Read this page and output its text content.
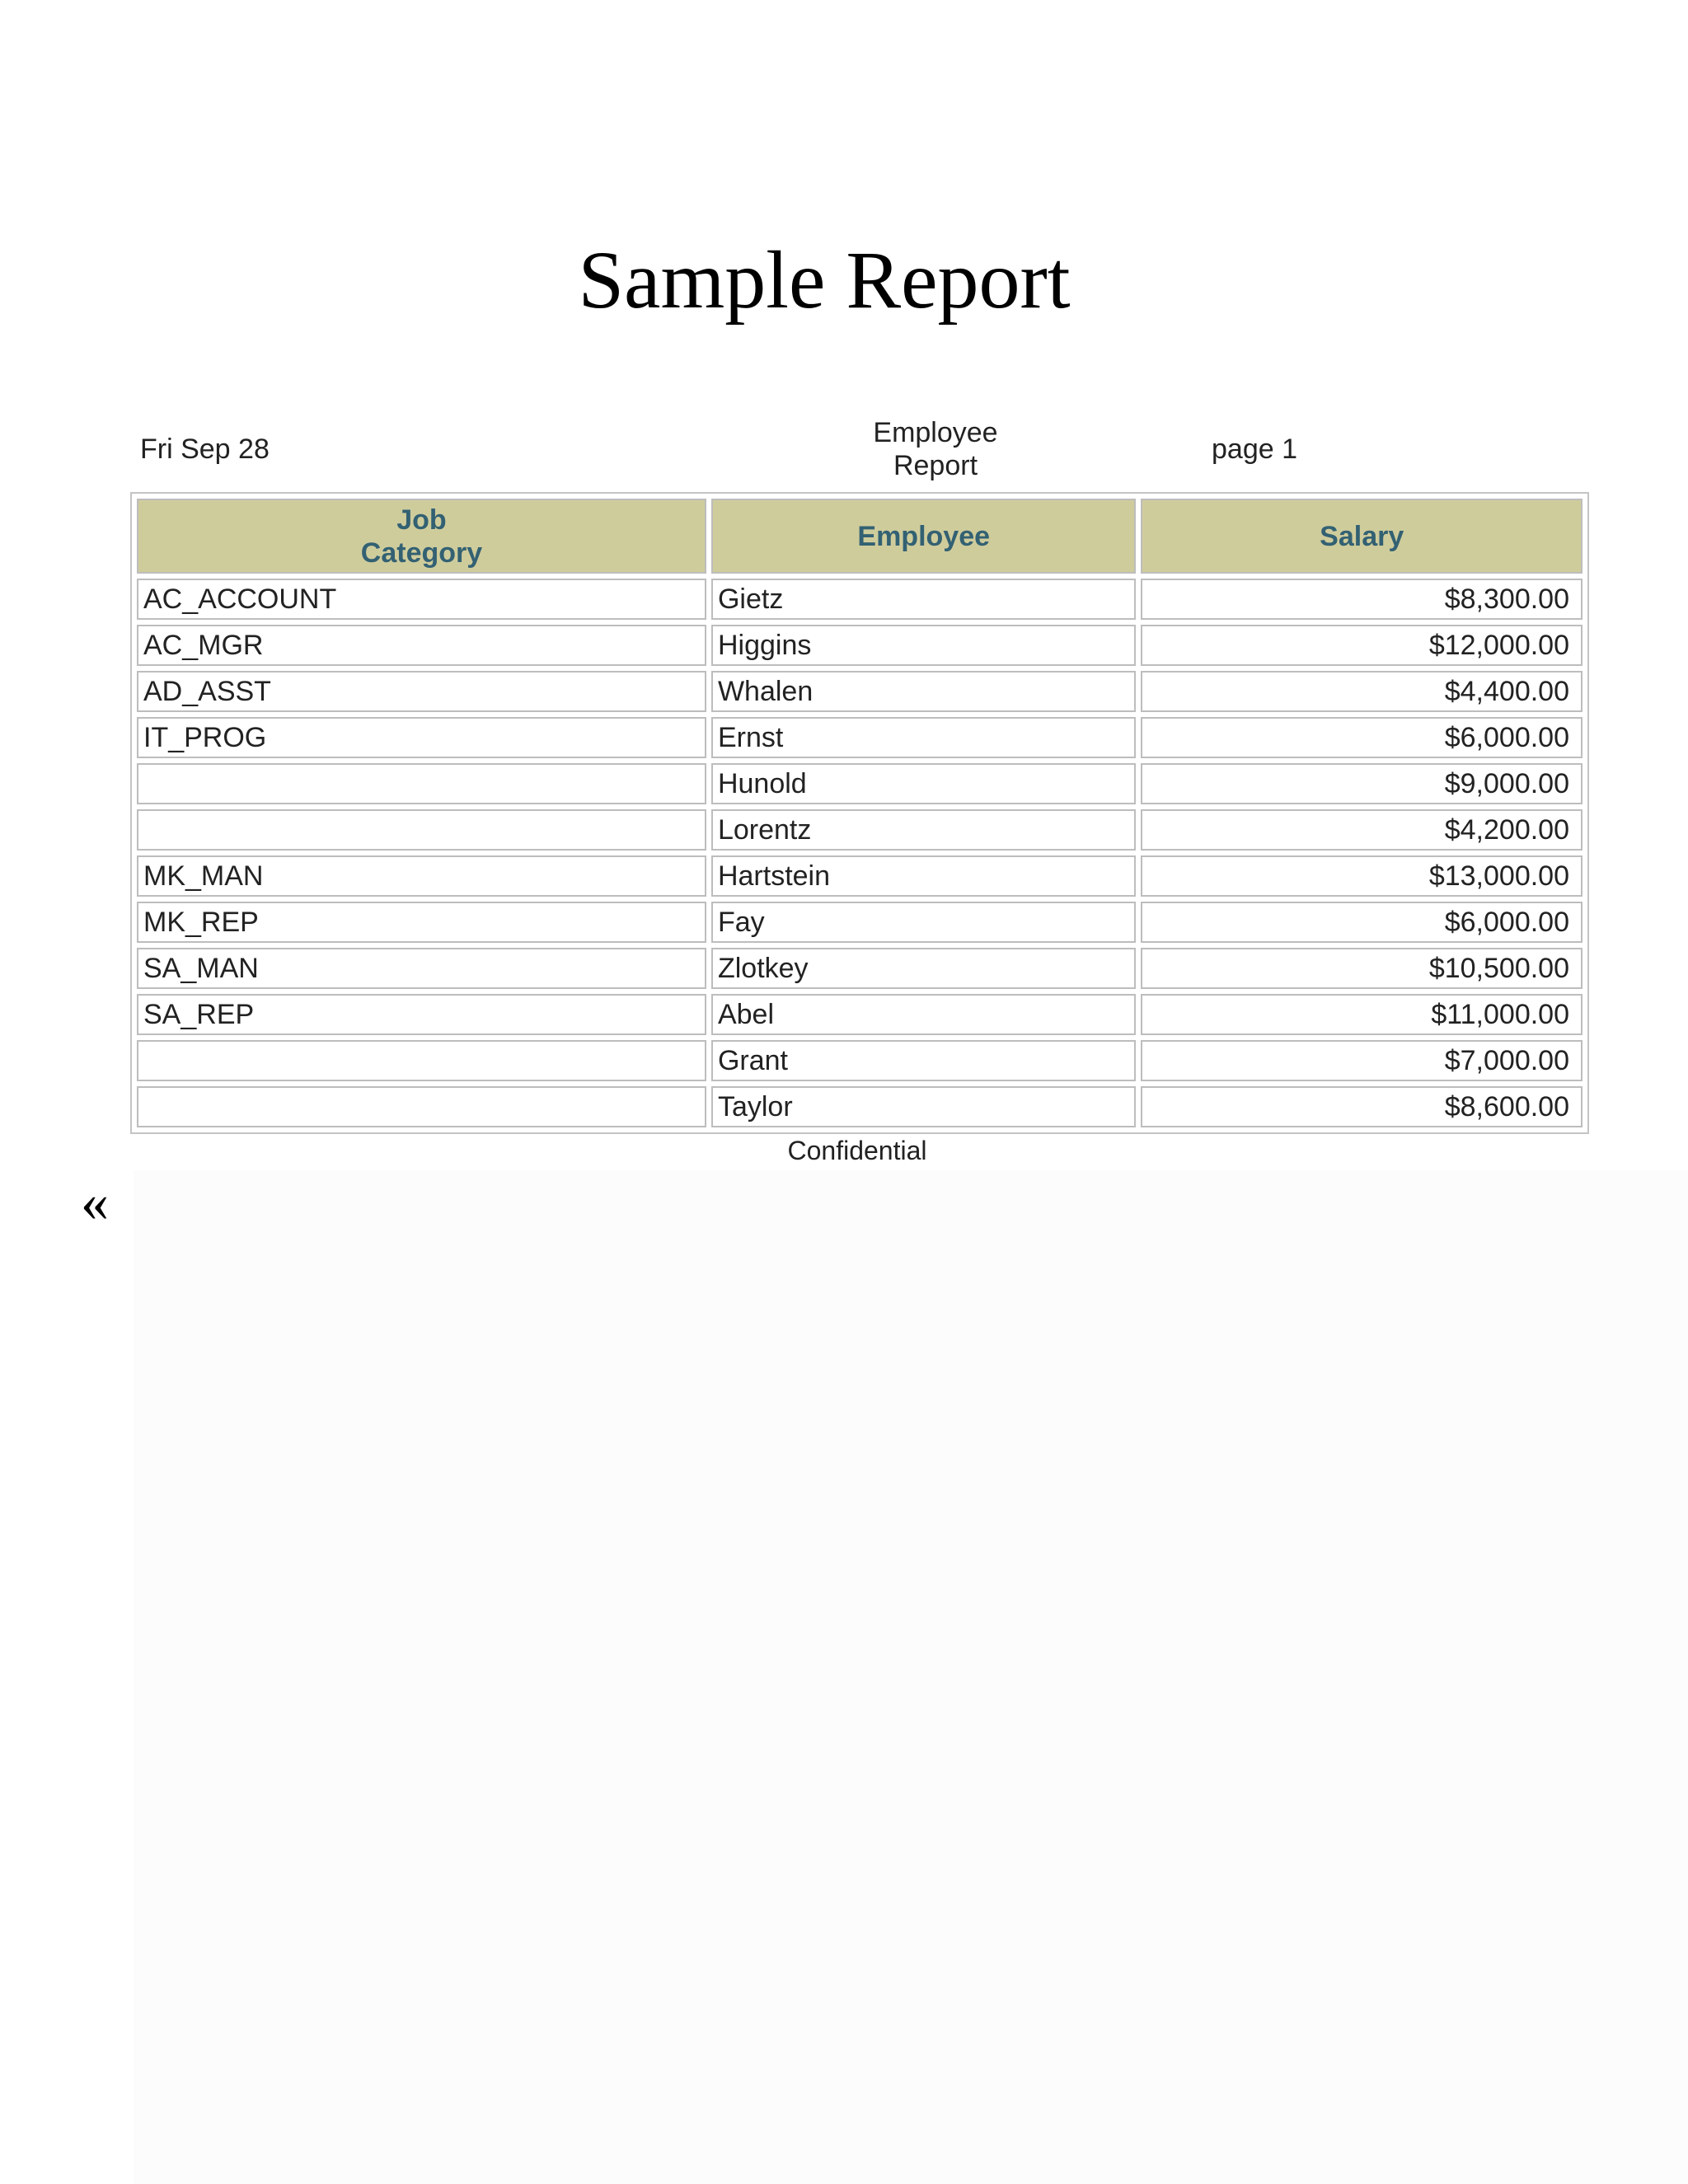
Sample Report
Fri Sep 28
Employee
Report
page 1
Job
Category	Employee	Salary
AC_ACCOUNT	Gietz	$8,300.00
AC_MGR	Higgins	$12,000.00
AD_ASST	Whalen	$4,400.00
IT_PROG	Ernst	$6,000.00
	Hunold	$9,000.00
	Lorentz	$4,200.00
MK_MAN	Hartstein	$13,000.00
MK_REP	Fay	$6,000.00
SA_MAN	Zlotkey	$10,500.00
SA_REP	Abel	$11,000.00
	Grant	$7,000.00
	Taylor	$8,600.00
Confidential
«
